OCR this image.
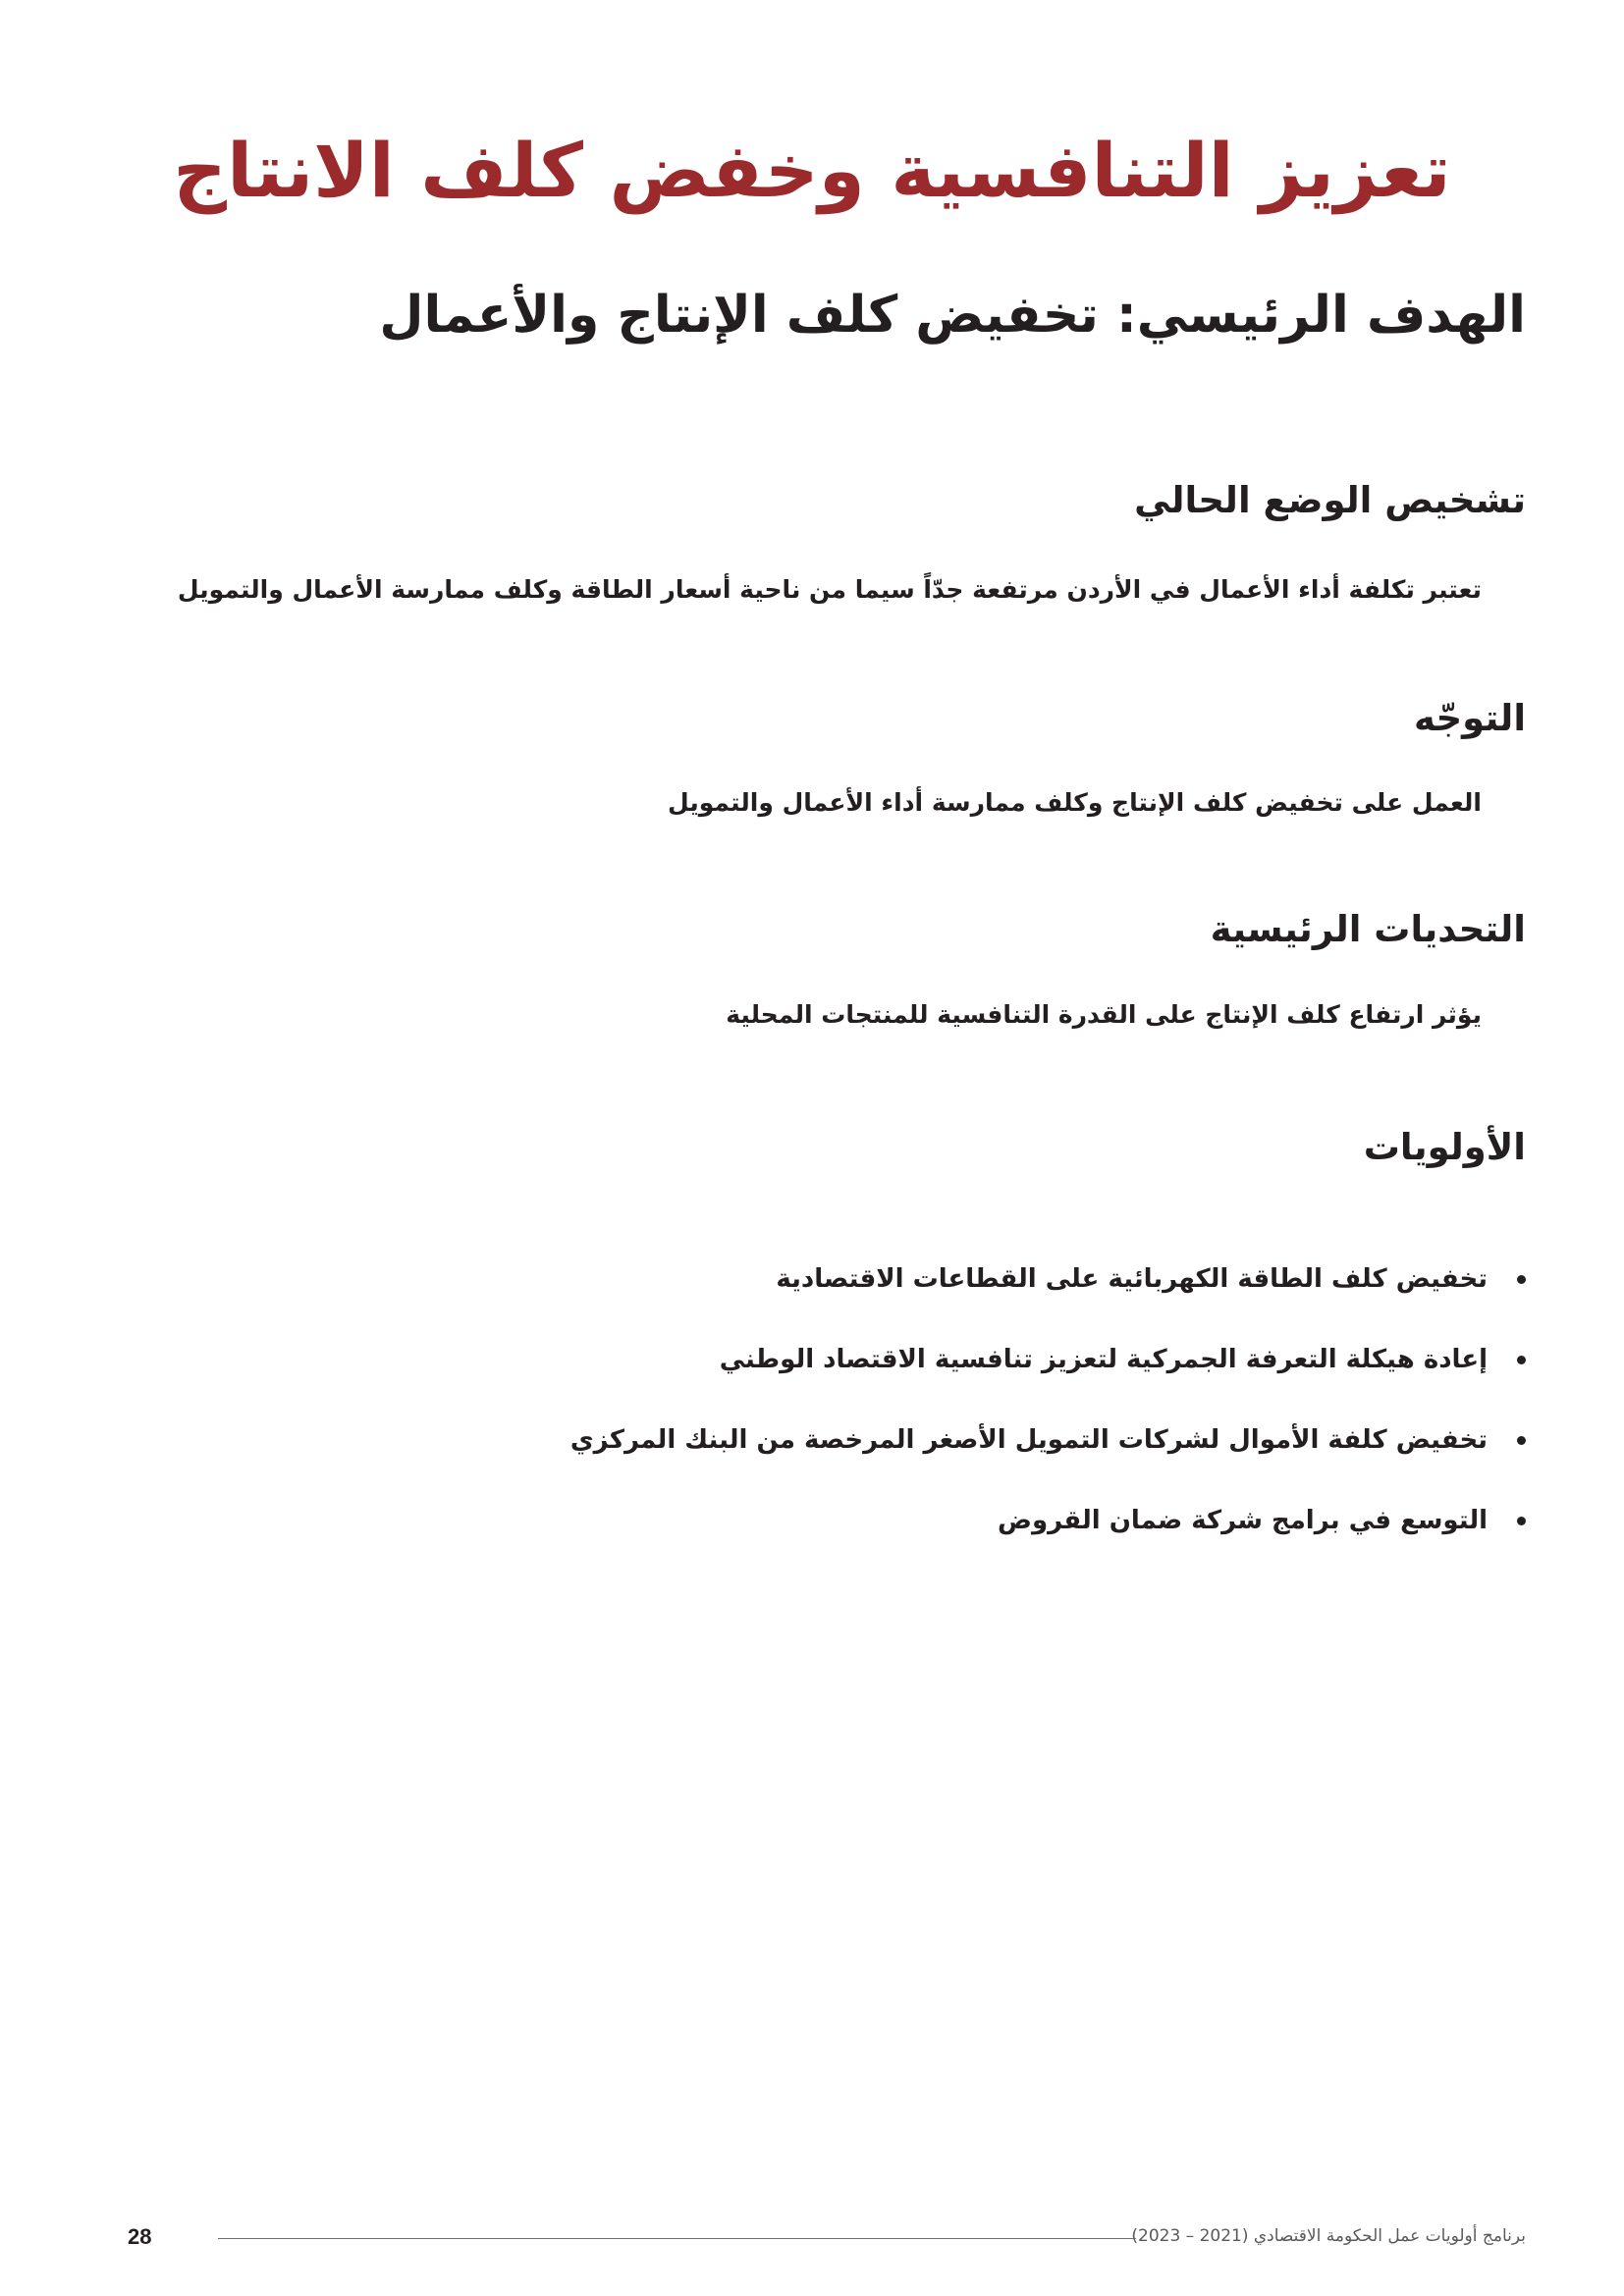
تعزيز التنافسية وخفض كلف الانتاج
الهدف الرئيسي: تخفيض كلف الإنتاج والأعمال
تشخيص الوضع الحالي

تعتبر تكلفة أداء الأعمال في الأردن مرتفعة جدّاً سيما من ناحية أسعار الطاقة وكلف ممارسة الأعمال والتمويل

التوجّه

العمل على تخفيض كلف الإنتاج وكلف ممارسة أداء الأعمال والتمويل

التحديات الرئيسية

يؤثر ارتفاع كلف الإنتاج على القدرة التنافسية للمنتجات المحلية

الأولويات
تخفيض كلف الطاقة الكهربائية على القطاعات الاقتصادية
إعادة هيكلة التعرفة الجمركية لتعزيز تنافسية الاقتصاد الوطني
تخفيض كلفة الأموال لشركات التمويل الأصغر المرخصة من البنك المركزي
التوسع في برامج شركة ضمان القروض
برنامج أولويات عمل الحكومة الاقتصادي (2021 – 2023)
28
